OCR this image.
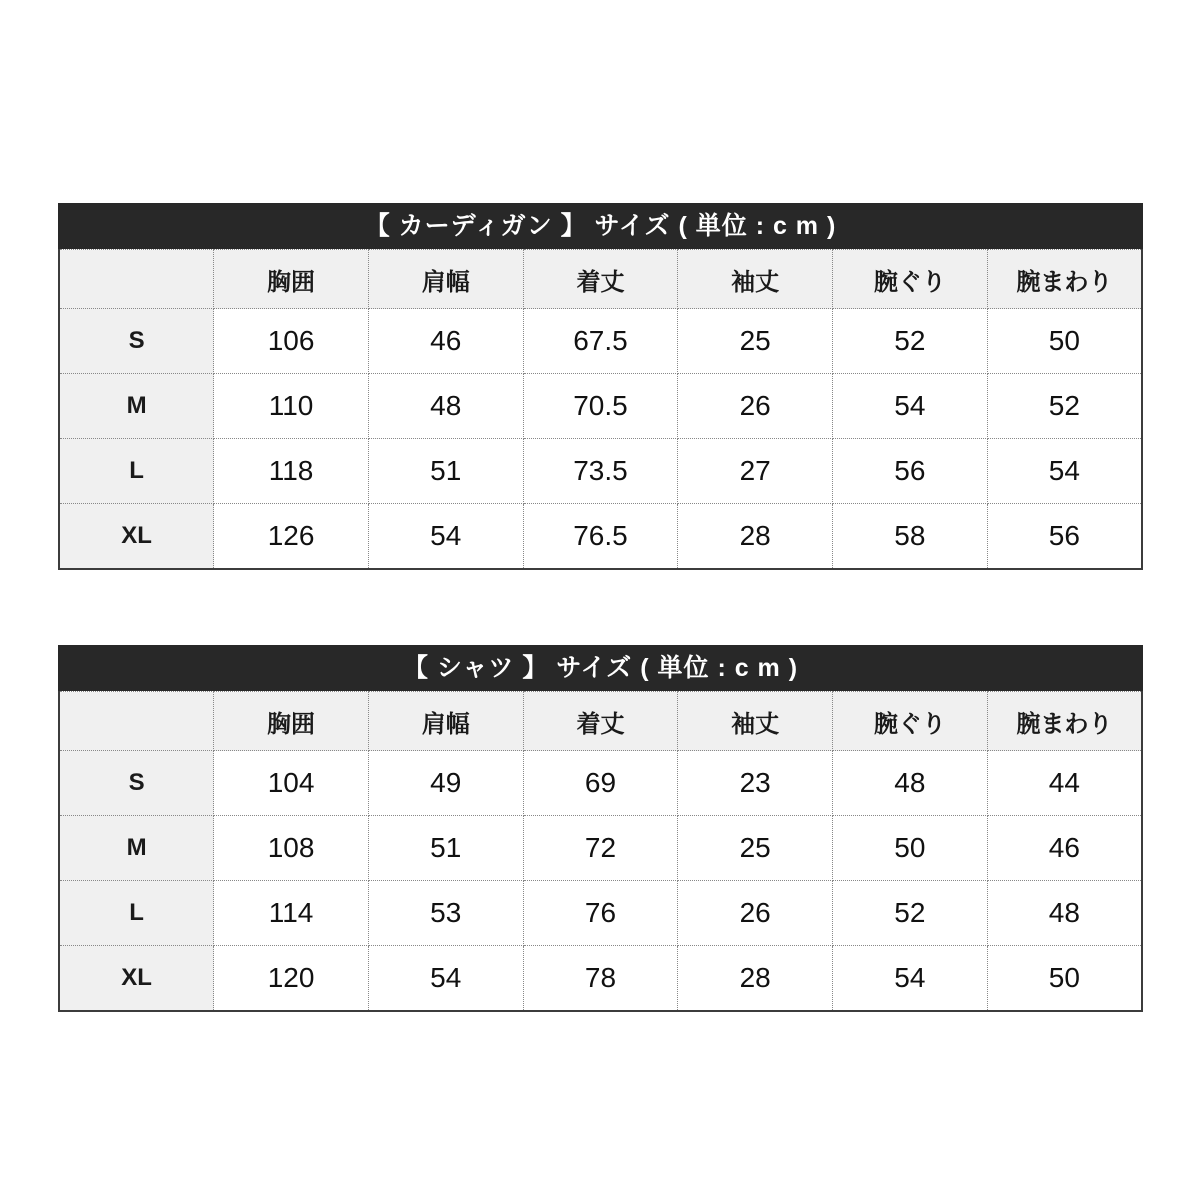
【 カーディガン 】 サイズ ( 単位 : c m )
	胸囲	肩幅	着丈	袖丈	腕ぐり	腕まわり
S	106	46	67.5	25	52	50
M	110	48	70.5	26	54	52
L	118	51	73.5	27	56	54
XL	126	54	76.5	28	58	56
【 シャツ 】 サイズ ( 単位 : c m )
	胸囲	肩幅	着丈	袖丈	腕ぐり	腕まわり
S	104	49	69	23	48	44
M	108	51	72	25	50	46
L	114	53	76	26	52	48
XL	120	54	78	28	54	50
